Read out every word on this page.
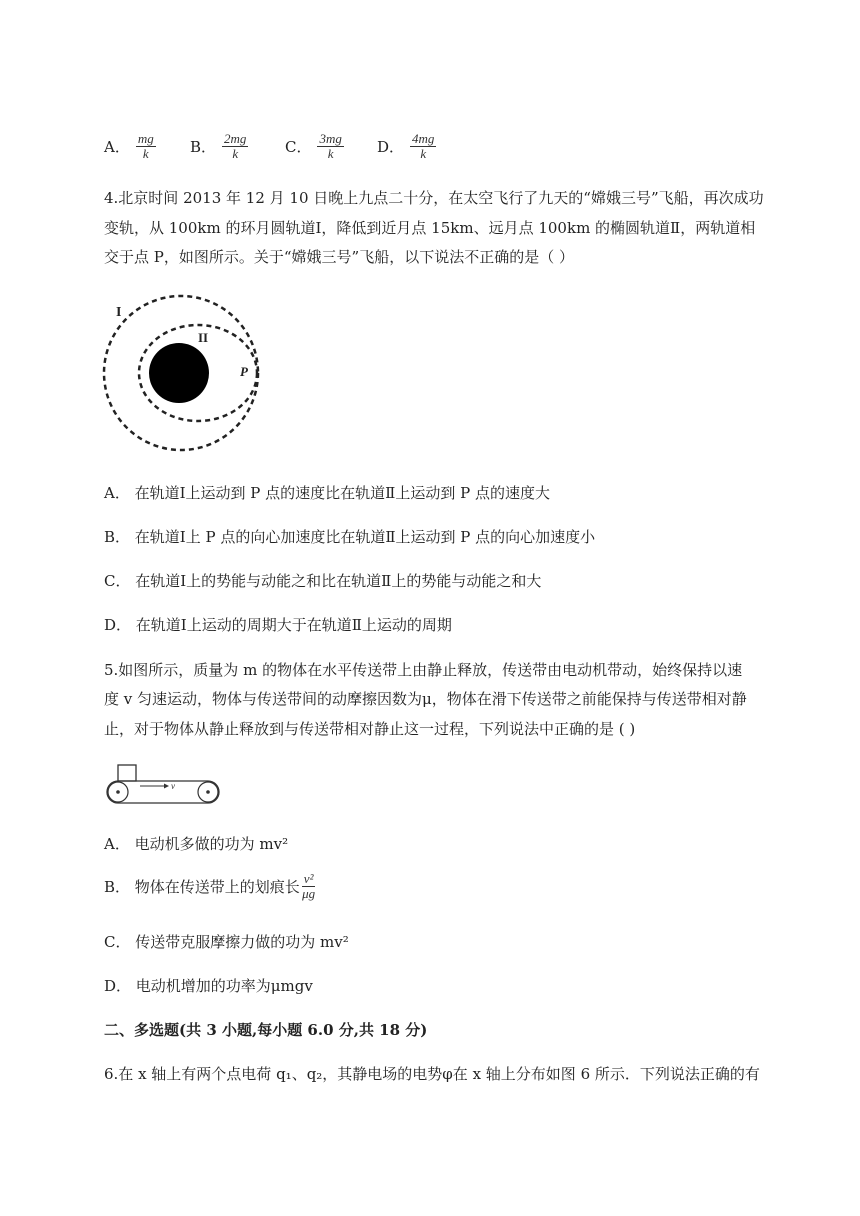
A． $\frac{mg}{k}$ B． $\frac{2mg}{k}$ C． $\frac{3mg}{k}$ D． $\frac{4mg}{k}$
4.北京时间 2013 年 12 月 10 日晚上九点二十分，在太空飞行了九天的“嫦娥三号”飞船，再次成功
变轨，从 100km 的环月圆轨道Ⅰ，降低到近月点 15km、远月点 100km 的椭圆轨道Ⅱ，两轨道相
交于点 P，如图所示。关于“嫦娥三号”飞船，以下说法不正确的是（ ）
I
II
P
A． 在轨道Ⅰ上运动到 P 点的速度比在轨道Ⅱ上运动到 P 点的速度大
B． 在轨道Ⅰ上 P 点的向心加速度比在轨道Ⅱ上运动到 P 点的向心加速度小
C． 在轨道Ⅰ上的势能与动能之和比在轨道Ⅱ上的势能与动能之和大
D． 在轨道Ⅰ上运动的周期大于在轨道Ⅱ上运动的周期
5.如图所示，质量为 m 的物体在水平传送带上由静止释放，传送带由电动机带动，始终保持以速
度 v 匀速运动，物体与传送带间的动摩擦因数为μ，物体在滑下传送带之前能保持与传送带相对静
止，对于物体从静止释放到与传送带相对静止这一过程，下列说法中正确的是 ( )
v
A． 电动机多做的功为 mv²
B． 物体在传送带上的划痕长 $\frac{\text{v²}}{\mu g}$
C． 传送带克服摩擦力做的功为 mv²
D． 电动机增加的功率为μmgv
二、多选题(共 3 小题,每小题 6.0 分,共 18 分)
6.在 x 轴上有两个点电荷 q₁、q₂，其静电场的电势φ在 x 轴上分布如图 6 所示．下列说法正确的有
